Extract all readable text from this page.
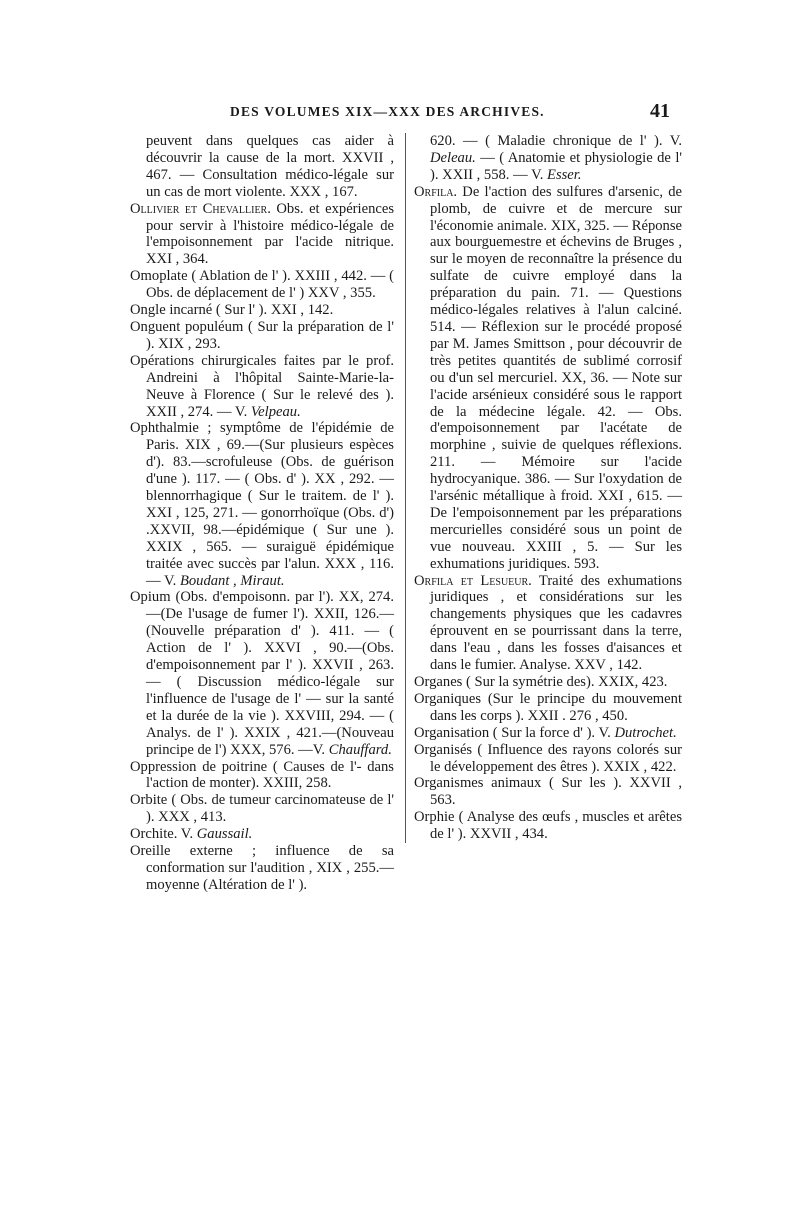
DES VOLUMES XIX—XXX DES ARCHIVES.	41

peuvent dans quelques cas aider à découvrir la cause de la mort. XXVII , 467. — Consultation médico-légale sur un cas de mort violente. XXX , 167.

Ollivier et Chevallier. Obs. et expériences pour servir à l'histoire médico-légale de l'empoisonnement par l'acide nitrique. XXI , 364.

Omoplate ( Ablation de l' ). XXIII , 442. — ( Obs. de déplacement de l' ) XXV , 355.

Ongle incarné ( Sur l' ). XXI , 142.

Onguent populéum ( Sur la préparation de l' ). XIX , 293.

Opérations chirurgicales faites par le prof. Andreini à l'hôpital Sainte-Marie-la-Neuve à Florence ( Sur le relevé des ). XXII , 274. — V. Velpeau.

Ophthalmie ; symptôme de l'épidémie de Paris. XIX , 69.—(Sur plusieurs espèces d'). 83.—scrofuleuse (Obs. de guérison d'une ). 117. — ( Obs. d' ). XX , 292. — blennorrhagique ( Sur le traitem. de l' ). XXI , 125, 271. — gonorrhoïque (Obs. d') .XXVII, 98.—épidémique ( Sur une ). XXIX , 565. — suraiguë épidémique traitée avec succès par l'alun. XXX , 116. — V. Boudant , Miraut.

Opium (Obs. d'empoisonn. par l'). XX, 274.—(De l'usage de fumer l'). XXII, 126.—(Nouvelle préparation d' ). 411. — ( Action de l' ). XXVI , 90.—(Obs. d'empoisonnement par l' ). XXVII , 263. — ( Discussion médico-légale sur l'influence de l'usage de l' — sur la santé et la durée de la vie ). XXVIII, 294. — ( Analys. de l' ). XXIX , 421.—(Nouveau principe de l') XXX, 576. —V. Chauffard.

Oppression de poitrine ( Causes de l'- dans l'action de monter). XXIII, 258.

Orbite ( Obs. de tumeur carcinomateuse de l' ). XXX , 413.

Orchite. V. Gaussail.

Oreille externe ; influence de sa conformation sur l'audition , XIX , 255.—moyenne (Altération de l' ).

620. — ( Maladie chronique de l' ). V. Deleau. — ( Anatomie et physiologie de l' ). XXII , 558. — V. Esser.

Orfila. De l'action des sulfures d'arsenic, de plomb, de cuivre et de mercure sur l'économie animale. XIX, 325. — Réponse aux bourguemestre et échevins de Bruges , sur le moyen de reconnaître la présence du sulfate de cuivre employé dans la préparation du pain. 71. — Questions médico-légales relatives à l'alun calciné. 514. — Réflexion sur le procédé proposé par M. James Smittson , pour découvrir de très petites quantités de sublimé corrosif ou d'un sel mercuriel. XX, 36. — Note sur l'acide arsénieux considéré sous le rapport de la médecine légale. 42. — Obs. d'empoisonnement par l'acétate de morphine , suivie de quelques réflexions. 211. — Mémoire sur l'acide hydrocyanique. 386. — Sur l'oxydation de l'arsénic métallique à froid. XXI , 615. — De l'empoisonnement par les préparations mercurielles considéré sous un point de vue nouveau. XXIII , 5. — Sur les exhumations juridiques. 593.

Orfila et Lesueur. Traité des exhumations juridiques , et considérations sur les changements physiques que les cadavres éprouvent en se pourrissant dans la terre, dans l'eau , dans les fosses d'aisances et dans le fumier. Analyse. XXV , 142.

Organes ( Sur la symétrie des). XXIX, 423.

Organiques (Sur le principe du mouvement dans les corps ). XXII . 276 , 450.

Organisation ( Sur la force d' ). V. Dutrochet.

Organisés ( Influence des rayons colorés sur le développement des êtres ). XXIX , 422.

Organismes animaux ( Sur les ). XXVII , 563.

Orphie ( Analyse des œufs , muscles et arêtes de l' ). XXVII , 434.
